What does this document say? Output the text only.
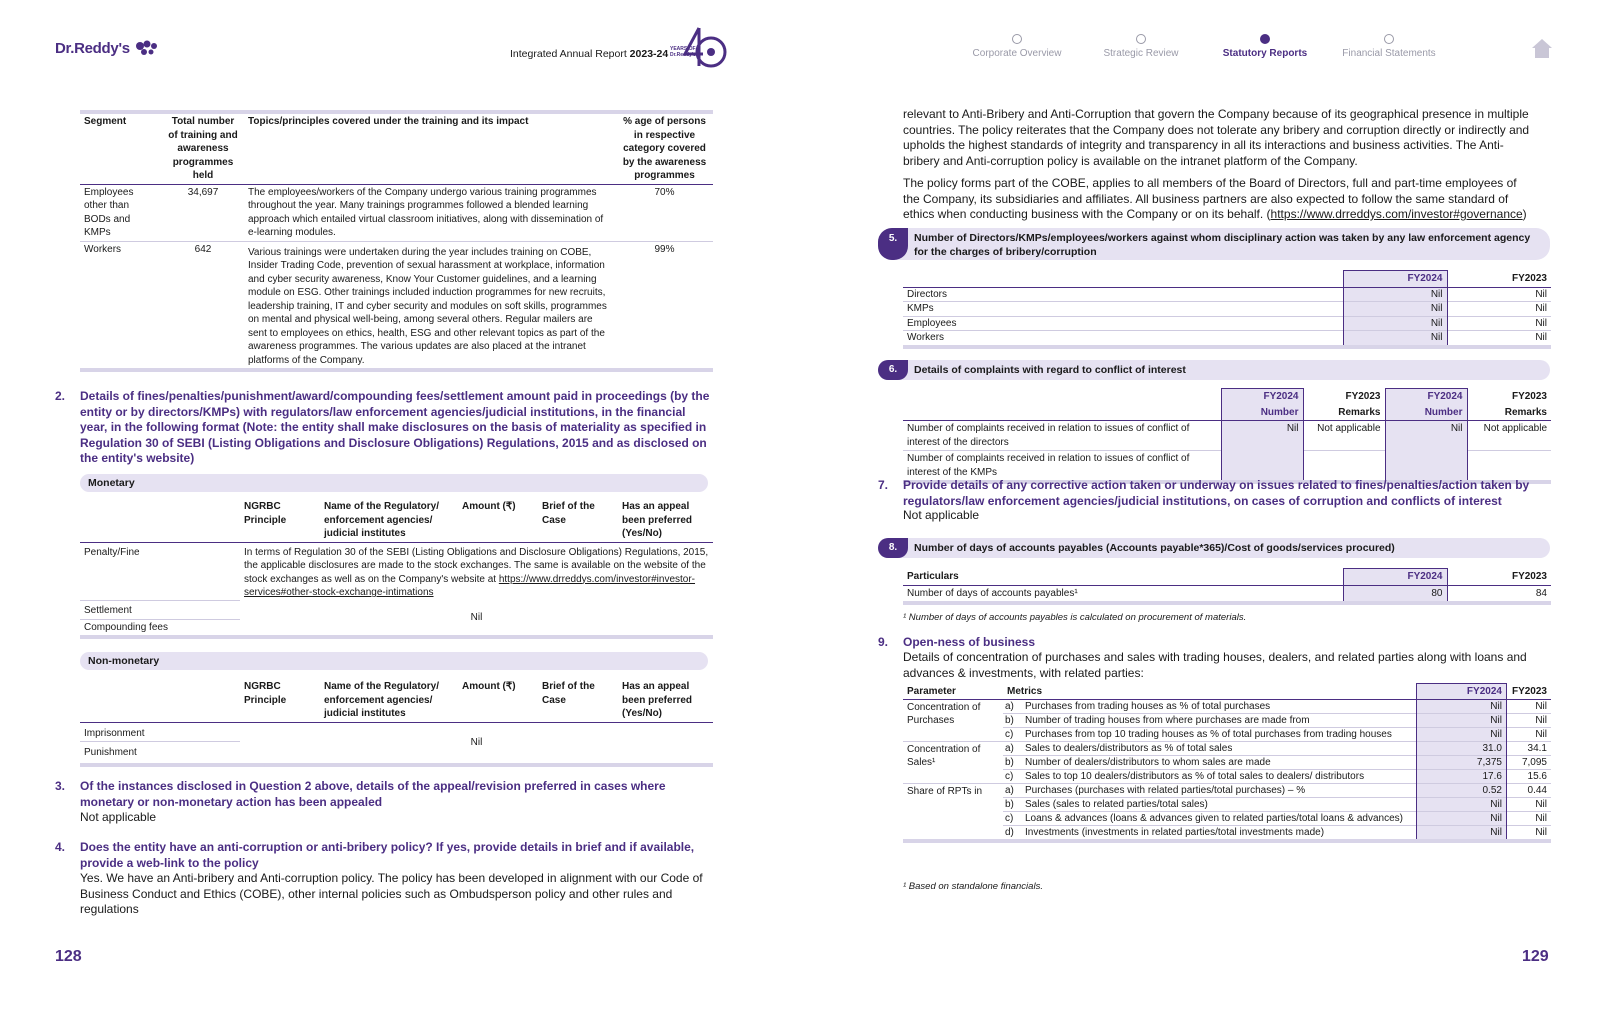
Dr.Reddy's	Integrated Annual Report 2023-24 YEARS OF
Dr.Reddy's	Corporate Overview	Strategic Review	Statutory Reports	Financial Statements
Segment	Total number of training and awareness programmes held	Topics/principles covered under the training and its impact	% age of persons in respective category covered by the awareness programmes
Employees other than BODs and KMPs	34,697	The employees/workers of the Company undergo various training programmes throughout the year. Many trainings programmes followed a blended learning approach which entailed virtual classroom initiatives, along with dissemination of e-learning modules.	70%
Workers	642	Various trainings were undertaken during the year includes training on COBE, Insider Trading Code, prevention of sexual harassment at workplace, information and cyber security awareness, Know Your Customer guidelines, and a learning module on ESG. Other trainings included induction programmes for new recruits, leadership training, IT and cyber security and modules on soft skills, programmes on mental and physical well-being, among several others. Regular mailers are sent to employees on ethics, health, ESG and other relevant topics as part of the awareness programmes. The various updates are also placed at the intranet platforms of the Company.	99%
2. Details of fines/penalties/punishment/award/compounding fees/settlement amount paid in proceedings (by the entity or by directors/KMPs) with regulators/law enforcement agencies/judicial institutions, in the financial year, in the following format (Note: the entity shall make disclosures on the basis of materiality as specified in Regulation 30 of SEBI (Listing Obligations and Disclosure Obligations) Regulations, 2015 and as disclosed on the entity's website)
Monetary
	NGRBC Principle	Name of the Regulatory/ enforcement agencies/ judicial institutes	Amount (₹)	Brief of the Case	Has an appeal been preferred (Yes/No)
Penalty/Fine	In terms of Regulation 30 of the SEBI (Listing Obligations and Disclosure Obligations) Regulations, 2015, the applicable disclosures are made to the stock exchanges. The same is available on the website of the stock exchanges as well as on the Company's website at https://www.drreddys.com/investor#investor-services#other-stock-exchange-intimations				
Settlement	Nil				
Compounding fees					
Non-monetary
	NGRBC Principle	Name of the Regulatory/ enforcement agencies/ judicial institutes	Amount (₹)	Brief of the Case	Has an appeal been preferred (Yes/No)
Imprisonment	Nil				
Punishment					
3. Of the instances disclosed in Question 2 above, details of the appeal/revision preferred in cases where monetary or non-monetary action has been appealed
Not applicable
4. Does the entity have an anti-corruption or anti-bribery policy? If yes, provide details in brief and if available, provide a web-link to the policy
Yes. We have an Anti-bribery and Anti-corruption policy. The policy has been developed in alignment with our Code of Business Conduct and Ethics (COBE), other internal policies such as Ombudsperson policy and other rules and regulations
128
relevant to Anti-Bribery and Anti-Corruption that govern the Company because of its geographical presence in multiple countries. The policy reiterates that the Company does not tolerate any bribery and corruption directly or indirectly and upholds the highest standards of integrity and transparency in all its interactions and business activities. The Anti-bribery and Anti-corruption policy is available on the intranet platform of the Company.
The policy forms part of the COBE, applies to all members of the Board of Directors, full and part-time employees of the Company, its subsidiaries and affiliates. All business partners are also expected to follow the same standard of ethics when conducting business with the Company or on its behalf. (https://www.drreddys.com/investor#governance)
5.	Number of Directors/KMPs/employees/workers against whom disciplinary action was taken by any law enforcement agency for the charges of bribery/corruption
	FY2024	FY2023
Directors	Nil	Nil
KMPs	Nil	Nil
Employees	Nil	Nil
Workers	Nil	Nil
6.	Details of complaints with regard to conflict of interest
	FY2024	FY2023	FY2024	FY2023
	Number	Remarks	Number	Remarks
Number of complaints received in relation to issues of conflict of interest of the directors	Nil	Not applicable	Nil	Not applicable
Number of complaints received in relation to issues of conflict of interest of the KMPs				
7. Provide details of any corrective action taken or underway on issues related to fines/penalties/action taken by regulators/law enforcement agencies/judicial institutions, on cases of corruption and conflicts of interest
Not applicable
8.	Number of days of accounts payables (Accounts payable*365)/Cost of goods/services procured)
Particulars	FY2024	FY2023
Number of days of accounts payables¹	80	84
¹ Number of days of accounts payables is calculated on procurement of materials.
9. Open-ness of business
Details of concentration of purchases and sales with trading houses, dealers, and related parties along with loans and advances & investments, with related parties:
Parameter	Metrics		FY2024	FY2023
Concentration of Purchases	a)	Purchases from trading houses as % of total purchases	Nil	Nil
	b)	Number of trading houses from where purchases are made from	Nil	Nil
	c)	Purchases from top 10 trading houses as % of total purchases from trading houses	Nil	Nil
Concentration of Sales¹	a)	Sales to dealers/distributors as % of total sales	31.0	34.1
	b)	Number of dealers/distributors to whom sales are made	7,375	7,095
	c)	Sales to top 10 dealers/distributors as % of total sales to dealers/ distributors	17.6	15.6
Share of RPTs in	a)	Purchases (purchases with related parties/total purchases) – %	0.52	0.44
	b)	Sales (sales to related parties/total sales)	Nil	Nil
	c)	Loans & advances (loans & advances given to related parties/total loans & advances)	Nil	Nil
	d)	Investments (investments in related parties/total investments made)	Nil	Nil
¹ Based on standalone financials.
129
